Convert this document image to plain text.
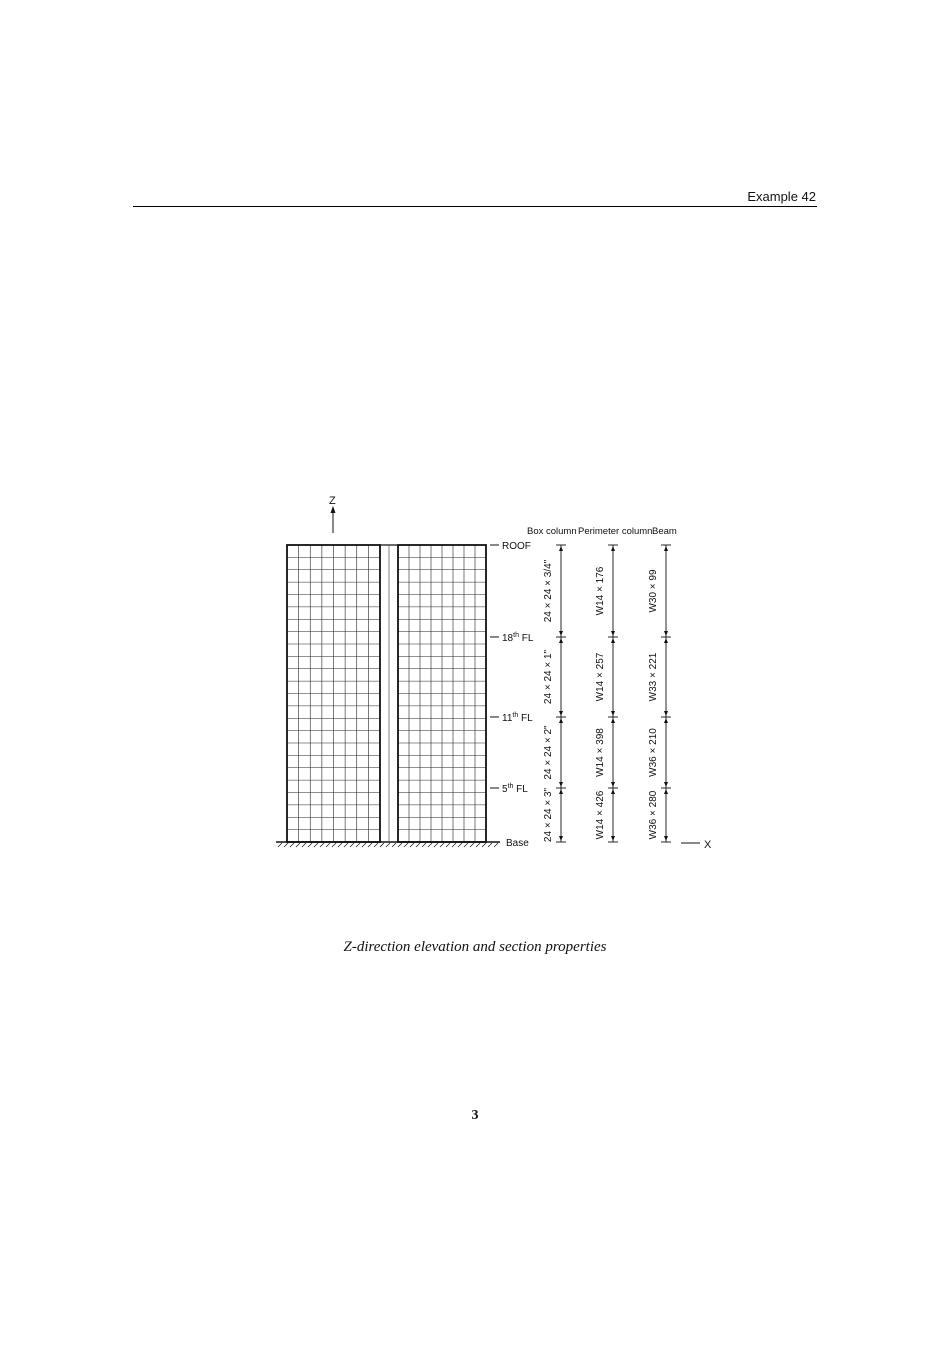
Example 42
Z
X
ROOF
18th FL
11th FL
5th FL
Base
Box column Perimeter column Beam
24 × 24 × 3/4"
24 × 24 × 1"
24 × 24 × 2"
24 × 24 × 3"
W14 × 176
W14 × 257
W14 × 398
W14 × 426
W30 × 99
W33 × 221
W36 × 210
W36 × 280
Z-direction elevation and section properties
3
